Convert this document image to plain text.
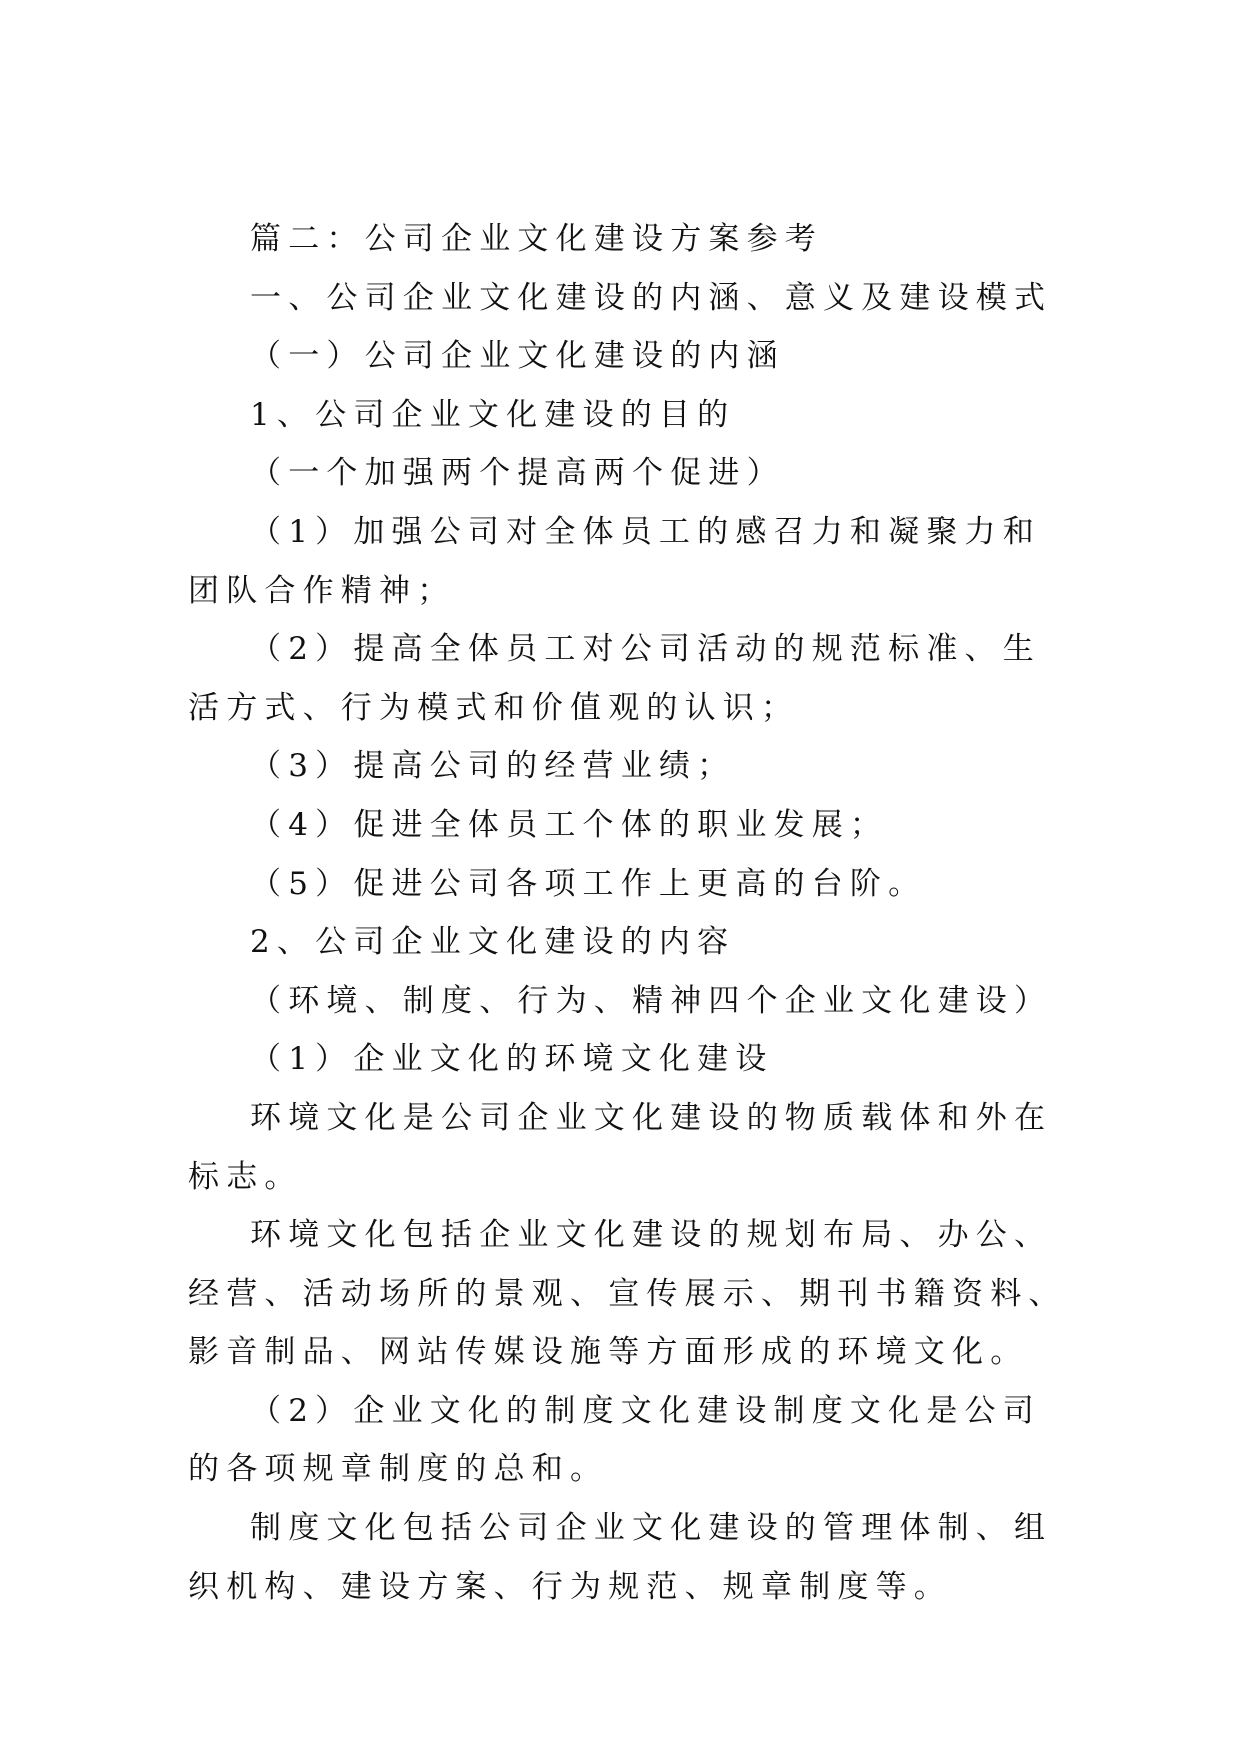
篇二：公司企业文化建设方案参考

一、公司企业文化建设的内涵、意义及建设模式

（一）公司企业文化建设的内涵

1、公司企业文化建设的目的

（一个加强两个提高两个促进）

（1）加强公司对全体员工的感召力和凝聚力和团队合作精神；

（2）提高全体员工对公司活动的规范标准、生活方式、行为模式和价值观的认识；

（3）提高公司的经营业绩；

（4）促进全体员工个体的职业发展；

（5）促进公司各项工作上更高的台阶。

2、公司企业文化建设的内容

（环境、制度、行为、精神四个企业文化建设）

（1）企业文化的环境文化建设

环境文化是公司企业文化建设的物质载体和外在标志。

环境文化包括企业文化建设的规划布局、办公、经营、活动场所的景观、宣传展示、期刊书籍资料、影音制品、网站传媒设施等方面形成的环境文化。

（2）企业文化的制度文化建设制度文化是公司的各项规章制度的总和。

制度文化包括公司企业文化建设的管理体制、组织机构、建设方案、行为规范、规章制度等。
